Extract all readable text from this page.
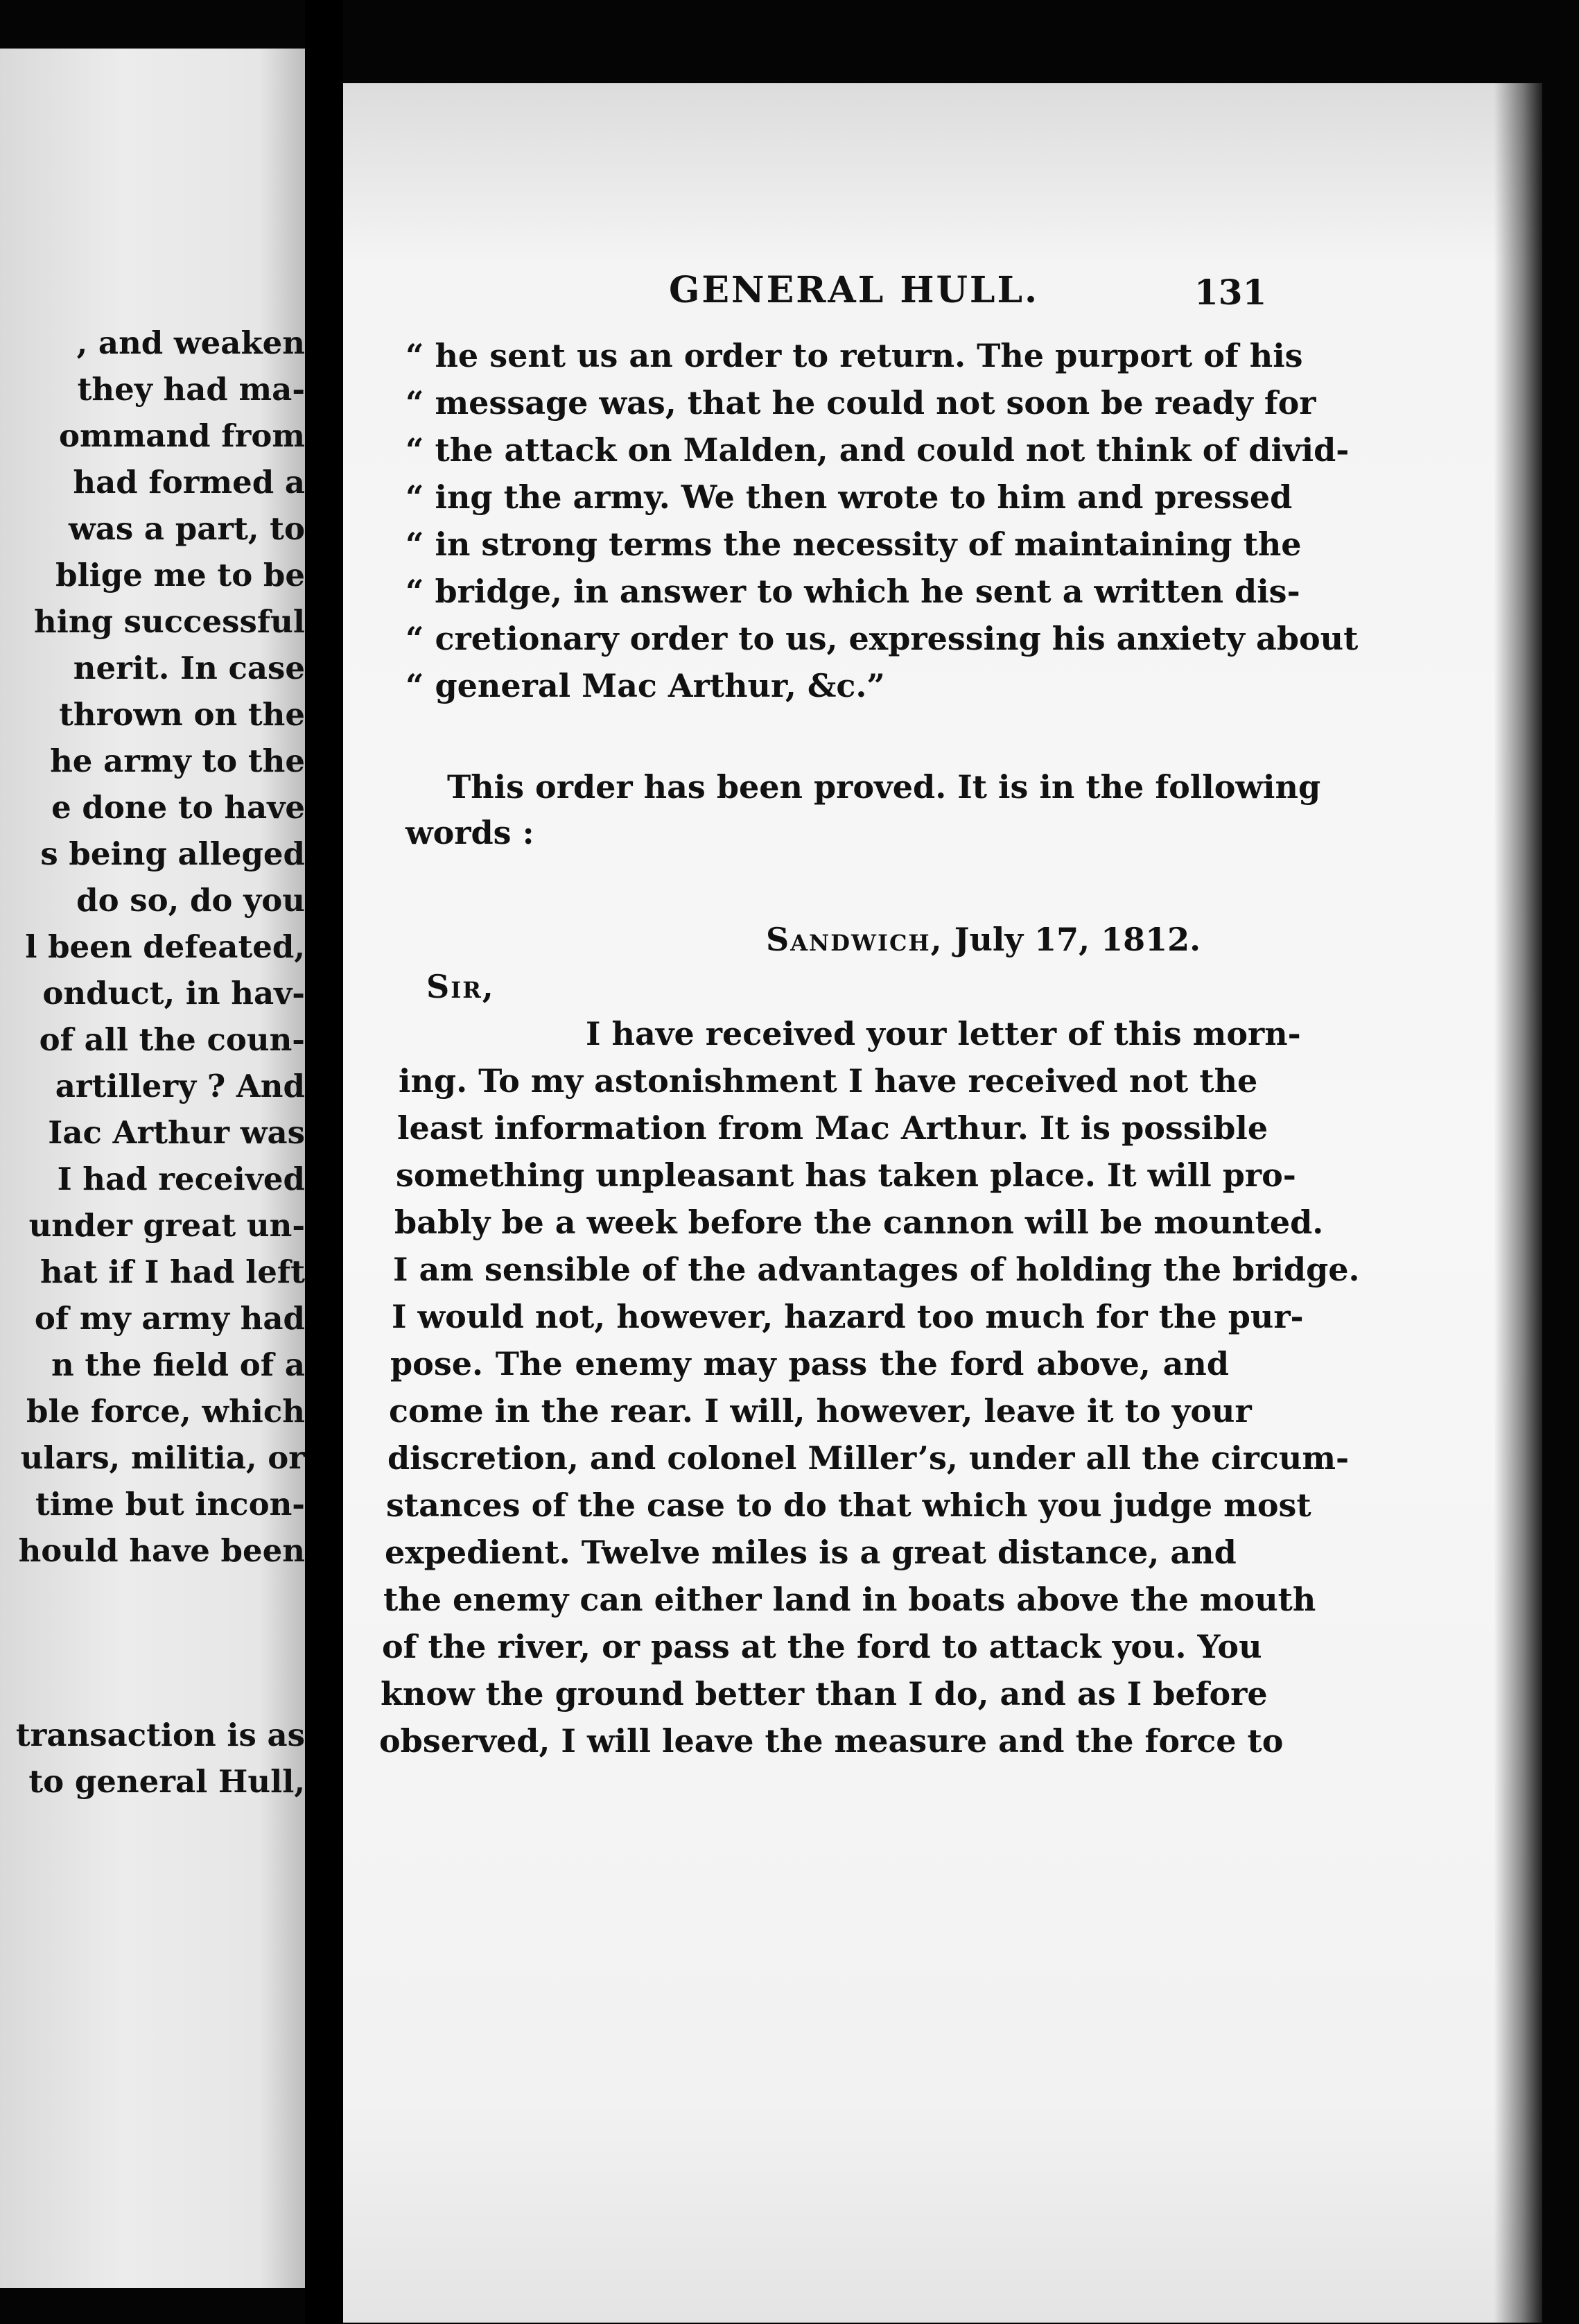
, and weaken
they had ma-
ommand from
had formed a
was a part, to
blige me to be
hing successful
nerit. In case
thrown on the
he army to the
e done to have
s being alleged
do so, do you
l been defeated,
onduct, in hav-
of all the coun-
artillery ? And
Iac Arthur was
I had received
under great un-
hat if I had left
of my army had
n the field of a
ble force, which
ulars, militia, or
time but incon-
hould have been
transaction is as
to general Hull,
GENERAL HULL.	131
“ he sent us an order to return. The purport of his
“ message was, that he could not soon be ready for
“ the attack on Malden, and could not think of divid-
“ ing the army. We then wrote to him and pressed
“ in strong terms the necessity of maintaining the
“ bridge, in answer to which he sent a written dis-
“ cretionary order to us, expressing his anxiety about
“ general Mac Arthur, &c.”
This order has been proved. It is in the following
words :
Sandwich, July 17, 1812.
Sir,
I have received your letter of this morn-
ing. To my astonishment I have received not the
least information from Mac Arthur. It is possible
something unpleasant has taken place. It will pro-
bably be a week before the cannon will be mounted.
I am sensible of the advantages of holding the bridge.
I would not, however, hazard too much for the pur-
pose. The enemy may pass the ford above, and
come in the rear. I will, however, leave it to your
discretion, and colonel Miller’s, under all the circum-
stances of the case to do that which you judge most
expedient. Twelve miles is a great distance, and
the enemy can either land in boats above the mouth
of the river, or pass at the ford to attack you. You
know the ground better than I do, and as I before
observed, I will leave the measure and the force to
